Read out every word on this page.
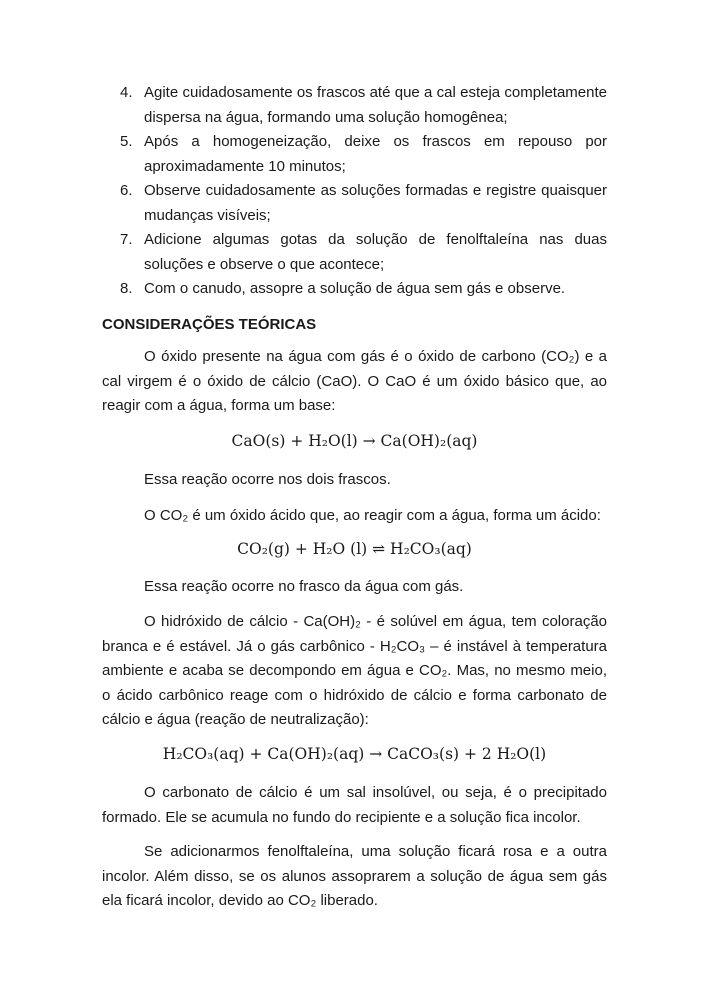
4. Agite cuidadosamente os frascos até que a cal esteja completamente dispersa na água, formando uma solução homogênea;
5. Após a homogeneização, deixe os frascos em repouso por aproximadamente 10 minutos;
6. Observe cuidadosamente as soluções formadas e registre quaisquer mudanças visíveis;
7. Adicione algumas gotas da solução de fenolftaleína nas duas soluções e observe o que acontece;
8. Com o canudo, assopre a solução de água sem gás e observe.
CONSIDERAÇÕES TEÓRICAS
O óxido presente na água com gás é o óxido de carbono (CO₂) e a cal virgem é o óxido de cálcio (CaO). O CaO é um óxido básico que, ao reagir com a água, forma um base:
CaO(s) + H₂O(l) → Ca(OH)₂(aq)
Essa reação ocorre nos dois frascos.
O CO₂ é um óxido ácido que, ao reagir com a água, forma um ácido:
CO₂(g) + H₂O (l) ⇌ H₂CO₃(aq)
Essa reação ocorre no frasco da água com gás.
O hidróxido de cálcio - Ca(OH)₂ - é solúvel em água, tem coloração branca e é estável. Já o gás carbônico - H₂CO₃ – é instável à temperatura ambiente e acaba se decompondo em água e CO₂. Mas, no mesmo meio, o ácido carbônico reage com o hidróxido de cálcio e forma carbonato de cálcio e água (reação de neutralização):
H₂CO₃(aq) + Ca(OH)₂(aq) → CaCO₃(s) + 2 H₂O(l)
O carbonato de cálcio é um sal insolúvel, ou seja, é o precipitado formado. Ele se acumula no fundo do recipiente e a solução fica incolor.
Se adicionarmos fenolftaleína, uma solução ficará rosa e a outra incolor. Além disso, se os alunos assoprarem a solução de água sem gás ela ficará incolor, devido ao CO₂ liberado.
